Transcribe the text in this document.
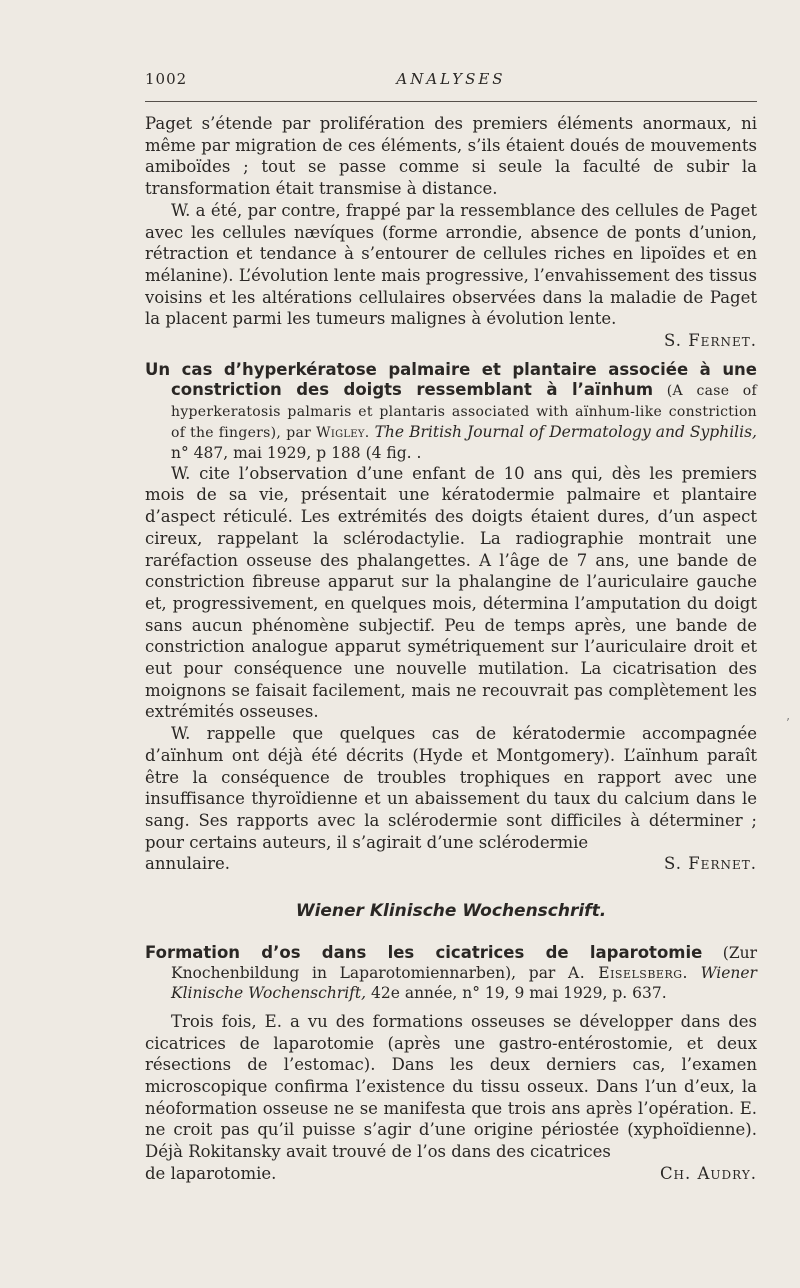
1002	ANALYSES

Paget s’étende par prolifération des premiers éléments anormaux, ni même par migration de ces éléments, s’ils étaient doués de mouvements amiboïdes ; tout se passe comme si seule la faculté de subir la transformation était transmise à distance.

W. a été, par contre, frappé par la ressemblance des cellules de Paget avec les cellules nævíques (forme arrondie, absence de ponts d’union, rétraction et tendance à s’entourer de cellules riches en lipoïdes et en mélanine). L’évolution lente mais progressive, l’envahissement des tissus voisins et les altérations cellulaires observées dans la maladie de Paget la placent parmi les tumeurs malignes à évolution lente.

S. Fernet.
Un cas d’hyperkératose palmaire et plantaire associée à une constriction des doigts ressemblant à l’aïnhum (A case of hyperkeratosis palmaris et plantaris associated with aïnhum-like constriction of the fingers), par Wigley. The British Journal of Dermatology and Syphilis, n° 487, mai 1929, p 188 (4 fig. .

W. cite l’observation d’une enfant de 10 ans qui, dès les premiers mois de sa vie, présentait une kératodermie palmaire et plantaire d’aspect réticulé. Les extrémités des doigts étaient dures, d’un aspect cireux, rappelant la sclérodactylie. La radiographie montrait une raréfaction osseuse des phalangettes. A l’âge de 7 ans, une bande de constriction fibreuse apparut sur la phalangine de l’auriculaire gauche et, progressivement, en quelques mois, détermina l’amputation du doigt sans aucun phénomène subjectif. Peu de temps après, une bande de constriction analogue apparut symétriquement sur l’auriculaire droit et eut pour conséquence une nouvelle mutilation. La cicatrisation des moignons se faisait facilement, mais ne recouvrait pas complètement les extrémités osseuses.

W. rappelle que quelques cas de kératodermie accompagnée d’aïnhum ont déjà été décrits (Hyde et Montgomery). L’aïnhum paraît être la conséquence de troubles trophiques en rapport avec une insuffisance thyroïdienne et un abaissement du taux du calcium dans le sang. Ses rapports avec la sclérodermie sont difficiles à déterminer ; pour certains auteurs, il s’agirait d’une sclérodermie

annulaire.	S. Fernet.
Wiener Klinische Wochenschrift.
Formation d’os dans les cicatrices de laparotomie (Zur Knochenbildung in Laparotomiennarben), par A. Eiselsberg. Wiener Klinische Wochenschrift, 42e année, n° 19, 9 mai 1929, p. 637.

Trois fois, E. a vu des formations osseuses se développer dans des cicatrices de laparotomie (après une gastro-entérostomie, et deux résections de l’estomac). Dans les deux derniers cas, l’examen microscopique confirma l’existence du tissu osseux. Dans l’un d’eux, la néoformation osseuse ne se manifesta que trois ans après l’opération. E. ne croit pas qu’il puisse s’agir d’une origine périostée (xyphoïdienne). Déjà Rokitansky avait trouvé de l’os dans des cicatrices

de laparotomie.	Ch. Audry.
’
